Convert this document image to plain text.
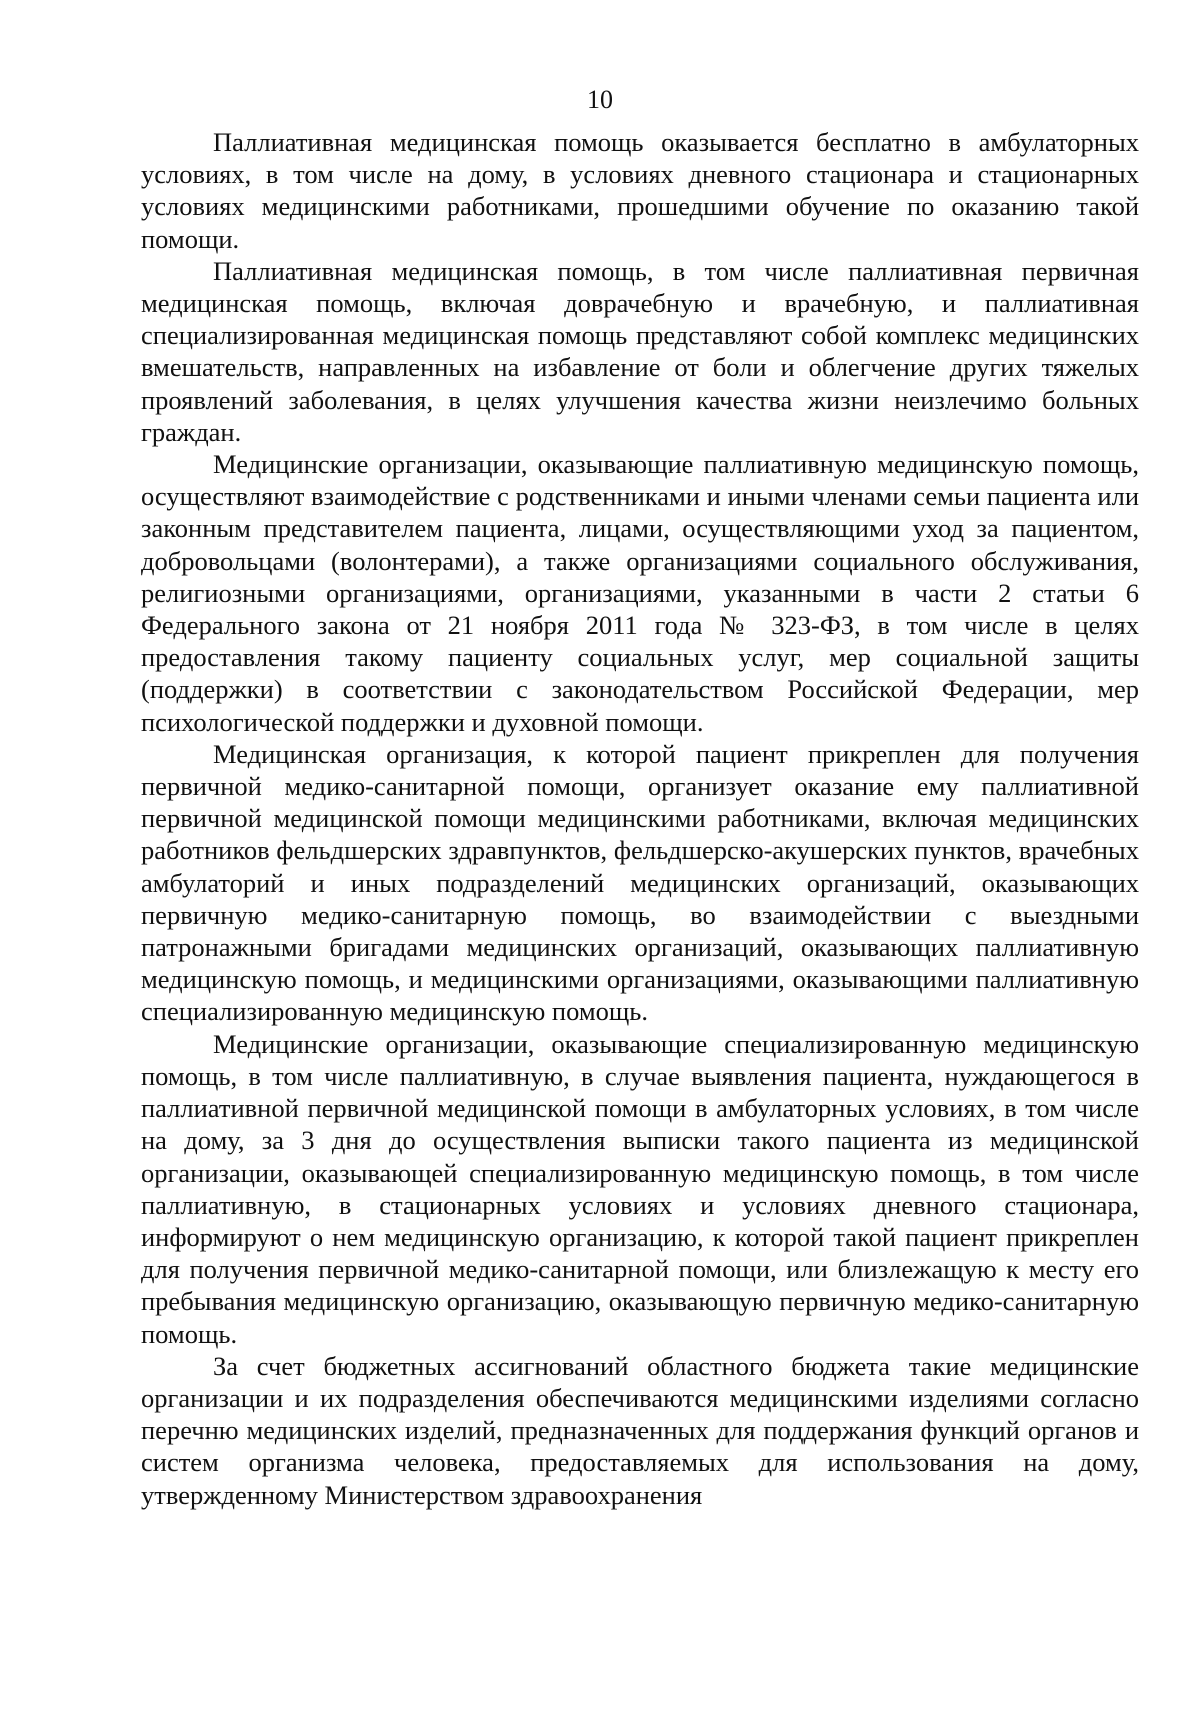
10

Паллиативная медицинская помощь оказывается бесплатно в амбулаторных условиях, в том числе на дому, в условиях дневного стационара и стационарных условиях медицинскими работниками, прошедшими обучение по оказанию такой помощи.

Паллиативная медицинская помощь, в том числе паллиативная первичная медицинская помощь, включая доврачебную и врачебную, и паллиативная специализированная медицинская помощь представляют собой комплекс медицинских вмешательств, направленных на избавление от боли и облегчение других тяжелых проявлений заболевания, в целях улучшения качества жизни неизлечимо больных граждан.

Медицинские организации, оказывающие паллиативную медицинскую помощь, осуществляют взаимодействие с родственниками и иными членами семьи пациента или законным представителем пациента, лицами, осуществляющими уход за пациентом, добровольцами (волонтерами), а также организациями социального обслуживания, религиозными организациями, организациями, указанными в части 2 статьи 6 Федерального закона от 21 ноября 2011 года № 323-ФЗ, в том числе в целях предоставления такому пациенту социальных услуг, мер социальной защиты (поддержки) в соответствии с законодательством Российской Федерации, мер психологической поддержки и духовной помощи.

Медицинская организация, к которой пациент прикреплен для получения первичной медико-санитарной помощи, организует оказание ему паллиативной первичной медицинской помощи медицинскими работниками, включая медицинских работников фельдшерских здравпунктов, фельдшерско-акушерских пунктов, врачебных амбулаторий и иных подразделений медицинских организаций, оказывающих первичную медико-санитарную помощь, во взаимодействии с выездными патронажными бригадами медицинских организаций, оказывающих паллиативную медицинскую помощь, и медицинскими организациями, оказывающими паллиативную специализированную медицинскую помощь.

Медицинские организации, оказывающие специализированную медицинскую помощь, в том числе паллиативную, в случае выявления пациента, нуждающегося в паллиативной первичной медицинской помощи в амбулаторных условиях, в том числе на дому, за 3 дня до осуществления выписки такого пациента из медицинской организации, оказывающей специализированную медицинскую помощь, в том числе паллиативную, в стационарных условиях и условиях дневного стационара, информируют о нем медицинскую организацию, к которой такой пациент прикреплен для получения первичной медико-санитарной помощи, или близлежащую к месту его пребывания медицинскую организацию, оказывающую первичную медико-санитарную помощь.

За счет бюджетных ассигнований областного бюджета такие медицинские организации и их подразделения обеспечиваются медицинскими изделиями согласно перечню медицинских изделий, предназначенных для поддержания функций органов и систем организма человека, предоставляемых для использования на дому, утвержденному Министерством здравоохранения
